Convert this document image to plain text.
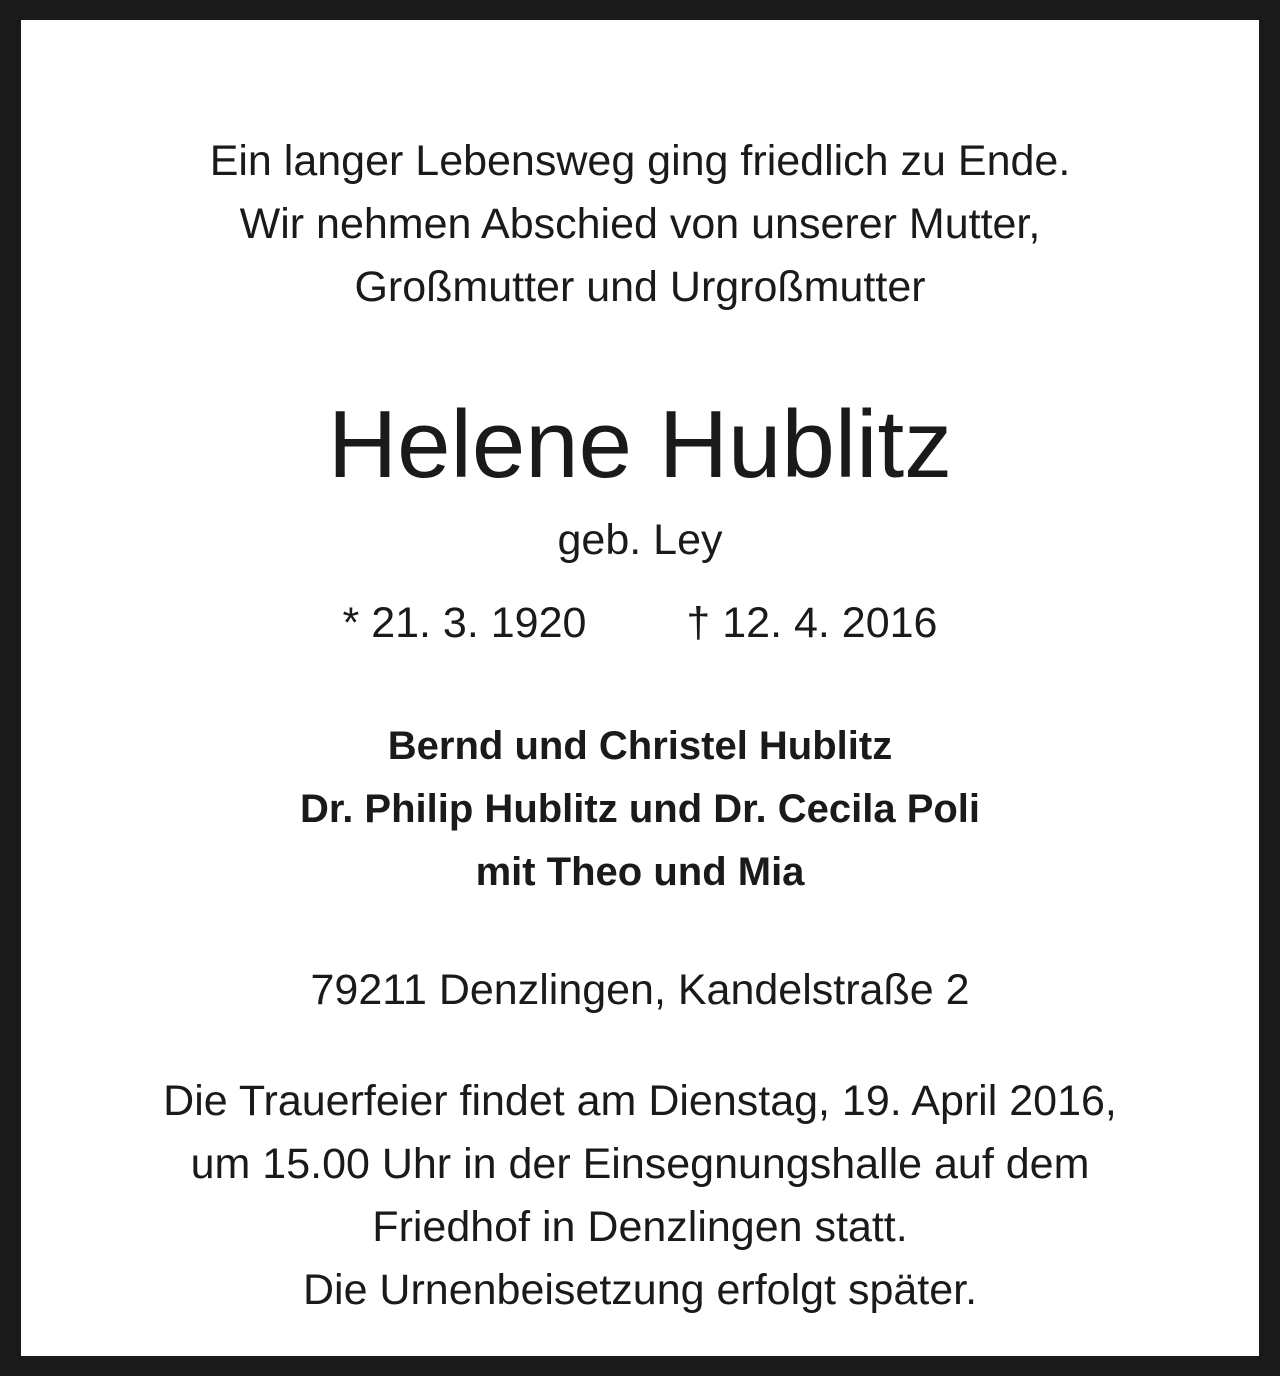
Ein langer Lebensweg ging friedlich zu Ende.
Wir nehmen Abschied von unserer Mutter,
Großmutter und Urgroßmutter
Helene Hublitz
geb. Ley
* 21. 3. 1920 † 12. 4. 2016
Bernd und Christel Hublitz
Dr. Philip Hublitz und Dr. Cecila Poli
mit Theo und Mia
79211 Denzlingen, Kandelstraße 2
Die Trauerfeier findet am Dienstag, 19. April 2016,
um 15.00 Uhr in der Einsegnungshalle auf dem
Friedhof in Denzlingen statt.
Die Urnenbeisetzung erfolgt später.
